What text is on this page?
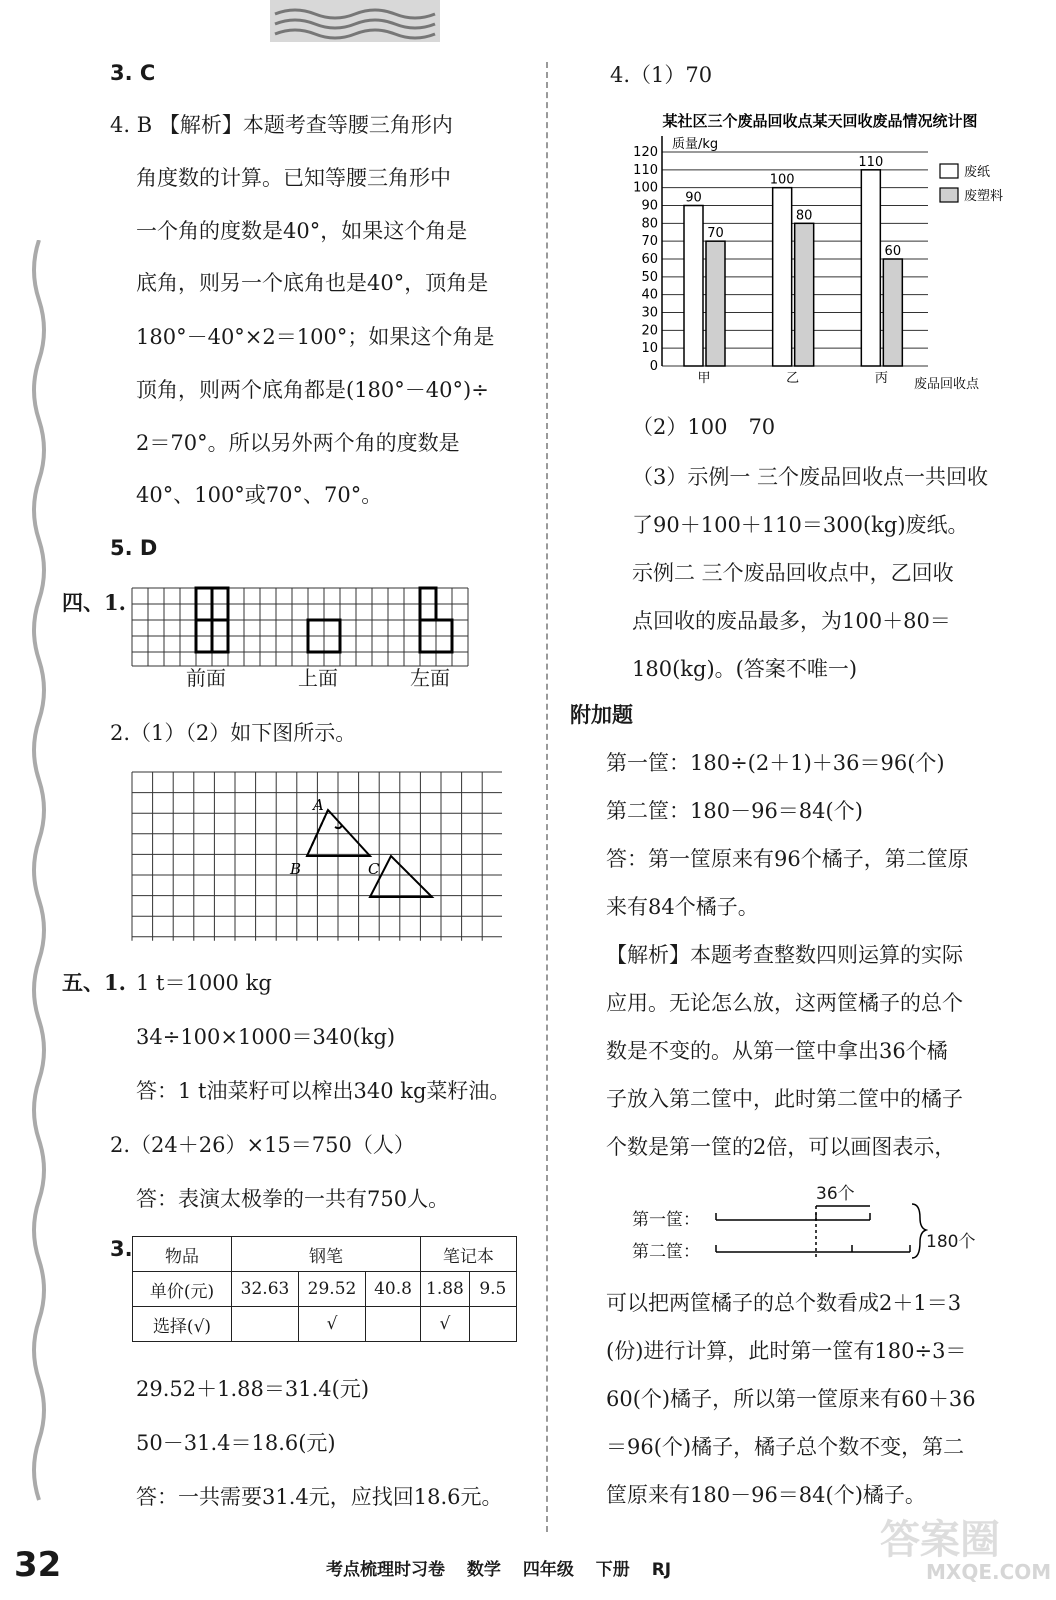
3. C
4. B 【解析】本题考查等腰三角形内
角度数的计算。已知等腰三角形中
一个角的度数是40°，如果这个角是
底角，则另一个底角也是40°，顶角是
180°－40°×2＝100°；如果这个角是
顶角，则两个底角都是(180°－40°)÷
2＝70°。所以另外两个角的度数是
40°、100°或70°、70°。
5. D
四、1.
前面	上面	左面
2.（1）（2）如下图所示。
A
B	C
五、1. 1 t＝1000 kg
34÷100×1000＝340(kg)
答：1 t油菜籽可以榨出340 kg菜籽油。
2.（24＋26）×15＝750（人）
答：表演太极拳的一共有750人。
3. 物品	钢笔			笔记本	
单价(元)	32.63	29.52	40.8	1.88	9.5
选择(√)		√		√	
29.52＋1.88＝31.4(元)
50－31.4＝18.6(元)
答：一共需要31.4元，应找回18.6元。
4.（1）70
某社区三个废品回收点某天回收废品情况统计图
质量/kg
废品回收点
0
10
20
30
40
50
60
70
80
90
100
110
120
90
70
甲
100
80
乙
110
60
丙
废纸
废塑料
（2）100　70
（3）示例一 三个废品回收点一共回收
了90＋100＋110＝300(kg)废纸。
示例二 三个废品回收点中，乙回收
点回收的废品最多，为100＋80＝
180(kg)。(答案不唯一)
附加题
第一筐：180÷(2＋1)＋36＝96(个)
第二筐：180－96＝84(个)
答：第一筐原来有96个橘子，第二筐原
来有84个橘子。
【解析】本题考查整数四则运算的实际
应用。无论怎么放，这两筐橘子的总个
数是不变的。从第一筐中拿出36个橘
子放入第二筐中，此时第二筐中的橘子
个数是第一筐的2倍，可以画图表示，
第一筐：
第二筐：
36个
180个
可以把两筐橘子的总个数看成2＋1＝3
(份)进行计算，此时第一筐有180÷3＝
60(个)橘子，所以第一筐原来有60＋36
＝96(个)橘子，橘子总个数不变，第二
筐原来有180－96＝84(个)橘子。
答案圈
MXQE.COM
32	考点梳理时习卷 数学 四年级 下册 RJ
